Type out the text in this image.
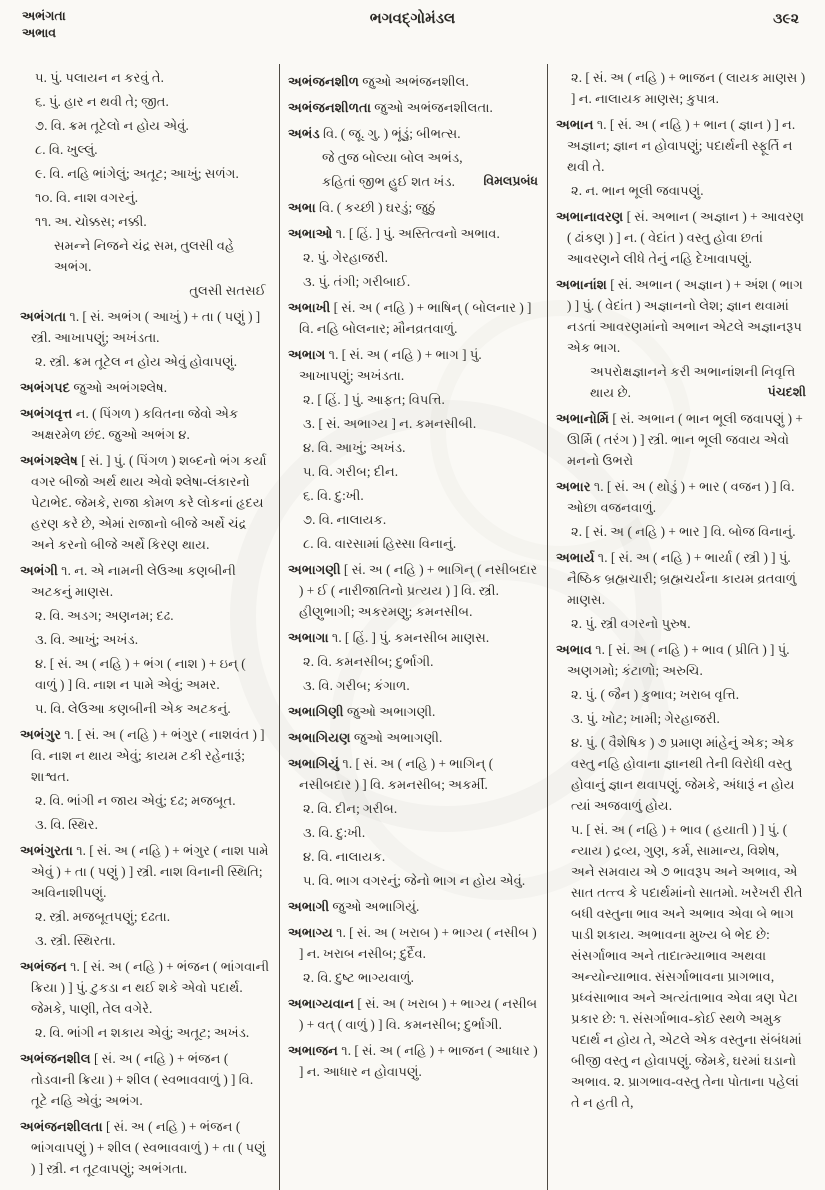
અભંગતા
અભાવ
ભગવદ્ગોમંડલ	૩૯૨

૫. પું. પલાયન ન કરવું તે.

૬. પું. હાર ન થવી તે; જીત.

૭. વિ. ક્રમ તૂટેલો ન હોય એવું.

૮. વિ. ખુલ્લું.

૯. વિ. નહિ ભાંગેલું; અતૂટ; આખું; સળંગ.

૧૦. વિ. નાશ વગરનું.

૧૧. અ. ચોક્કસ; નક્કી.

સમન્ને નિજને ચંદ્ર સમ, તુલસી વહે અભંગ.

તુલસી સતસઈ

અભંગતા ૧. [ સં. અભંગ ( આખું ) + તા ( પણું ) ] સ્ત્રી. આખાપણું; અખંડતા.

૨. સ્ત્રી. ક્રમ તૂટેલ ન હોય એવું હોવાપણું.

અભંગપદ જુઓ અભંગશ્લેષ.

અભંગવૃત્ત ન. ( પિંગળ ) કવિતના જેવો એક અક્ષરમેળ છંદ. જુઓ અભંગ ૪.

અભંગશ્લેષ [ સં. ] પું. ( પિંગળ ) શબ્દનો ભંગ કર્યા વગર બીજો અર્થ થાય એવો શ્લેષા-લંકારનો પેટાભેદ. જેમકે, રાજા કોમળ કરે લોકનાં હૃદય હરણ કરે છે, એમાં રાજાનો બીજે અર્થે ચંદ્ર અને કરનો બીજે અર્થે કિરણ થાય.

અભંગી ૧. ન. એ નામની લેઉઆ કણબીની અટકનું માણસ.

૨. વિ. અડગ; અણનમ; દઢ.

૩. વિ. આખું; અખંડ.

૪. [ સં. અ ( નહિ ) + ભંગ ( નાશ ) + ઇન્ ( વાળું ) ] વિ. નાશ ન પામે એવું; અમર.

૫. વિ. લેઉઆ કણબીની એક અટકનું.

અભંગુર ૧. [ સં. અ ( નહિ ) + ભંગુર ( નાશવંત ) ] વિ. નાશ ન થાય એવું; કાયમ ટકી રહેનારૂં; શાશ્વત.

૨. વિ. ભાંગી ન જાય એવું; દઢ; મજબૂત.

૩. વિ. સ્થિર.

અભંગુરતા ૧. [ સં. અ ( નહિ ) + ભંગુર ( નાશ પામે એવું ) + તા ( પણું ) ] સ્ત્રી. નાશ વિનાની સ્થિતિ; અવિનાશીપણું.

૨. સ્ત્રી. મજબૂતપણું; દઢતા.

૩. સ્ત્રી. સ્થિરતા.

અભંજન ૧. [ સં. અ ( નહિ ) + ભંજન ( ભાંગવાની ક્રિયા ) ] પું. ટુકડા ન થઈ શકે એવો પદાર્થ. જેમકે, પાણી, તેલ વગેરે.

૨. વિ. ભાંગી ન શકાય એવું; અતૂટ; અખંડ.

અભંજનશીલ [ સં. અ ( નહિ ) + ભંજન ( તોડવાની ક્રિયા ) + શીલ ( સ્વભાવવાળું ) ] વિ. તૂટે નહિ એવું; અભંગ.

અભંજનશીલતા [ સં. અ ( નહિ ) + ભંજન ( ભાંગવાપણું ) + શીલ ( સ્વભાવવાળું ) + તા ( પણું ) ] સ્ત્રી. ન તૂટવાપણું; અભંગતા.

અભંજનશીળ જુઓ અભંજનશીલ.

અભંજનશીળતા જુઓ અભંજનશીલતા.

અભંડ વિ. ( જૂ. ગુ. ) ભૂંડું; બીભત્સ.

જે તુજ બોલ્યા બોલ અભંડ,

કહિતાં જીભ હુઈ શત ખંડ. વિમલપ્રબંધ

અભા વિ. ( કચ્છી ) ઘરડું; જુઠું

અભાઓ ૧. [ હિં. ] પું. અસ્તિત્વનો અભાવ.

૨. પું. ગેરહાજરી.

૩. પું. તંગી; ગરીબાઈ.

અભાખી [ સં. અ ( નહિ ) + ભાષિન્ ( બોલનાર ) ] વિ. નહિ બોલનાર; મૌનવ્રતવાળું.

અભાગ ૧. [ સં. અ ( નહિ ) + ભાગ ] પું. આખાપણું; અખંડતા.

૨. [ હિં. ] પું. આફત; વિપત્તિ.

૩. [ સં. અભાગ્ય ] ન. કમનસીબી.

૪. વિ. આખું; અખંડ.

૫. વિ. ગરીબ; દીન.

૬. વિ. દુ:ખી.

૭. વિ. નાલાયક.

૮. વિ. વારસામાં હિસ્સા વિનાનું.

અભાગણી [ સં. અ ( નહિ ) + ભાગિન્ ( નસીબદાર ) + ઈ ( નારીજાતિનો પ્રત્યય ) ] વિ. સ્ત્રી. હીણુભાગી; અકરમણુ; કમનસીબ.

અભાગા ૧. [ હિં. ] પું. કમનસીબ માણસ.

૨. વિ. કમનસીબ; દુર્ભાગી.

૩. વિ. ગરીબ; કંગાળ.

અભાગિણી જુઓ અભાગણી.

અભાગિયણ જુઓ અભાગણી.

અભાગિયું ૧. [ સં. અ ( નહિ ) + ભાગિન્ ( નસીબદાર ) ] વિ. કમનસીબ; અકર્મી.

૨. વિ. દીન; ગરીબ.

૩. વિ. દુ:ખી.

૪. વિ. નાલાયક.

૫. વિ. ભાગ વગરનું; જેનો ભાગ ન હોય એવું.

અભાગી જુઓ અભાગિયું.

અભાગ્ય ૧. [ સં. અ ( ખરાબ ) + ભાગ્ય ( નસીબ ) ] ન. ખરાબ નસીબ; દુર્દૈવ.

૨. વિ. દુષ્ટ ભાગ્યવાળું.

અભાગ્યવાન [ સં. અ ( ખરાબ ) + ભાગ્ય ( નસીબ ) + વત્ ( વાળું ) ] વિ. કમનસીબ; દુર્ભાગી.

અભાજન ૧. [ સં. અ ( નહિ ) + ભાજન ( આધાર ) ] ન. આધાર ન હોવાપણું.

૨. [ સં. અ ( નહિ ) + ભાજન ( લાયક માણસ ) ] ન. નાલાયક માણસ; કુપાત્ર.

અભાન ૧. [ સં. અ ( નહિ ) + ભાન ( જ્ઞાન ) ] ન. અજ્ઞાન; જ્ઞાન ન હોવાપણું; પદાર્થની સ્ફૂર્તિ ન થવી તે.

૨. ન. ભાન ભૂલી જવાપણું.

અભાનાવરણ [ સં. અભાન ( અજ્ઞાન ) + આવરણ ( ઢાંકણ ) ] ન. ( વેદાંત ) વસ્તુ હોવા છતાં આવરણને લીધે તેનું નહિ દેખાવાપણું.

અભાનાંશ [ સં. અભાન ( અજ્ઞાન ) + અંશ ( ભાગ ) ] પું. ( વેદાંત ) અજ્ઞાનનો લેશ; જ્ઞાન થવામાં નડતાં આવરણમાંનો અભાન એટલે અજ્ઞાનરૂપ એક ભાગ.

અપરોક્ષજ્ઞાનને કરી અભાનાંશની નિવૃત્તિ થાય છે.	પંચદશી

અભાનોર્મિ [ સં. અભાન ( ભાન ભૂલી જવાપણું ) + ઊર્મિ ( તરંગ ) ] સ્ત્રી. ભાન ભૂલી જવાય એવો મનનો ઉભરો

અભાર ૧. [ સં. અ ( થોડું ) + ભાર ( વજન ) ] વિ. ઓછા વજનવાળું.

૨. [ સં. અ ( નહિ ) + ભાર ] વિ. બોજ વિનાનું.

અભાર્ય ૧. [ સં. અ ( નહિ ) + ભાર્યા ( સ્ત્રી ) ] પું. નૈષ્ઠિક બ્રહ્મચારી; બ્રહ્મચર્યના કાયમ વ્રતવાળું માણસ.

૨. પું. સ્ત્રી વગરનો પુરુષ.

અભાવ ૧. [ સં. અ ( નહિ ) + ભાવ ( પ્રીતિ ) ] પું. અણગમો; કંટાળો; અરુચિ.

૨. પું. ( જૈન ) કુભાવ; ખરાબ વૃત્તિ.

૩. પું. ખોટ; ખામી; ગેરહાજરી.

૪. પું. ( વૈશેષિક ) ૭ પ્રમાણ માંહેનું એક; એક વસ્તુ નહિ હોવાના જ્ઞાનથી તેની વિરોધી વસ્તુ હોવાનું જ્ઞાન થવાપણું. જેમકે, અંધારૂં ન હોય ત્યાં અજવાળું હોય.

૫. [ સં. અ ( નહિ ) + ભાવ ( હયાતી ) ] પું. ( ન્યાય ) દ્રવ્ય, ગુણ, કર્મ, સામાન્ય, વિશેષ, અને સમવાય એ ૭ ભાવરૂપ અને અભાવ, એ સાત તત્ત્વ કે પદાર્થમાંનો સાતમો. ખરેખરી રીતે બધી વસ્તુના ભાવ અને અભાવ એવા બે ભાગ પાડી શકાય. અભાવના મુખ્ય બે ભેદ છે: સંસર્ગાભાવ અને તાદાત્મ્યાભાવ અથવા અન્યોન્યાભાવ. સંસર્ગાભાવના પ્રાગભાવ, પ્રધ્વંસાભાવ અને અત્યંતાભાવ એવા ત્રણ પેટા પ્રકાર છે: ૧. સંસર્ગાભાવ-કોઈ સ્થળે અમુક પદાર્થ ન હોય તે, એટલે એક વસ્તુના સંબંધમાં બીજી વસ્તુ ન હોવાપણું. જેમકે, ઘરમાં ઘડાનો અભાવ. ૨. પ્રાગભાવ-વસ્તુ તેના પોતાના પહેલાં તે ન હતી તે,
